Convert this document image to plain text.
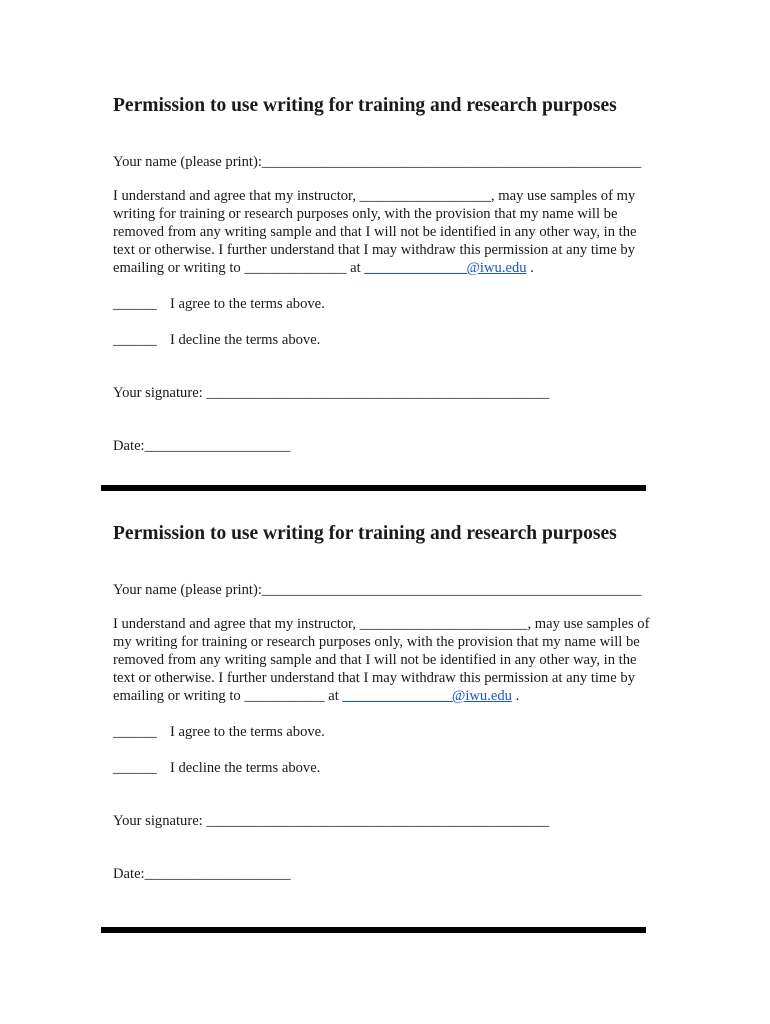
Permission to use writing for training and research purposes
Your name (please print):____________________________________________________
I understand and agree that my instructor, __________________, may use samples of my writing for training or research purposes only, with the provision that my name will be removed from any writing sample and that I will not be identified in any other way, in the text or otherwise. I further understand that I may withdraw this permission at any time by emailing or writing to ______________ at ______________@iwu.edu .
______ I agree to the terms above.
______ I decline the terms above.
Your signature: _______________________________________________
Date:____________________
Permission to use writing for training and research purposes
Your name (please print):____________________________________________________
I understand and agree that my instructor, _______________________, may use samples of my writing for training or research purposes only, with the provision that my name will be removed from any writing sample and that I will not be identified in any other way, in the text or otherwise. I further understand that I may withdraw this permission at any time by emailing or writing to ___________ at _______________@iwu.edu .
______ I agree to the terms above.
______ I decline the terms above.
Your signature: _______________________________________________
Date:____________________
